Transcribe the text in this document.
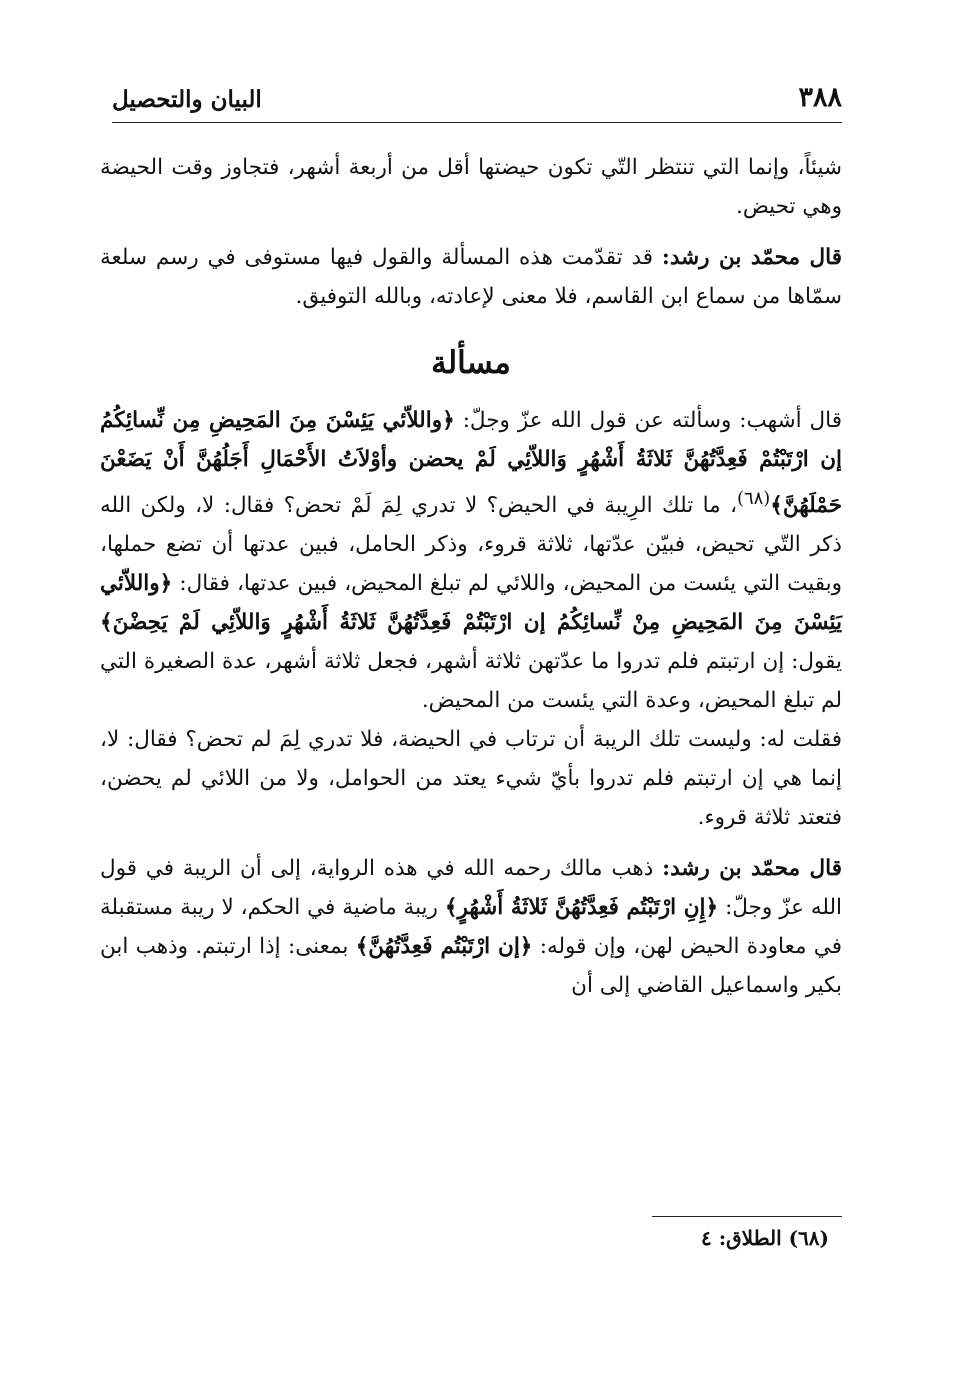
٣٨٨
البيان والتحصيل

شيئاً، وإنما التي تنتظر التّي تكون حيضتها أقل من أربعة أشهر، فتجاوز وقت الحيضة وهي تحيض.

قال محمّد بن رشد: قد تقدّمت هذه المسألة والقول فيها مستوفى في رسم سلعة سمّاها من سماع ابن القاسم، فلا معنى لإعادته، وبالله التوفيق.

مسألة

قال أشهب: وسألته عن قول الله عزّ وجلّ: ﴿واللاّئي يَئِسْنَ مِنَ المَحِيضِ مِن نِّسائِكُمُ إن ارْتَبْتُمْ فَعِدَّتُهُنَّ ثَلاثَةُ أَشْهُرٍ وَاللاّئِي لَمْ يحضن وأوْلاَتُ الأَحْمَالِ أَجَلُهُنَّ أَنْ يَضَعْنَ حَمْلَهُنَّ﴾$^{(٦٨)}$، ما تلك الرِيبة في الحيض؟ لا تدري لِمَ لَمْ تحض؟ فقال: لا، ولكن الله ذكر التّي تحيض، فبيّن عدّتها، ثلاثة قروء، وذكر الحامل، فبين عدتها أن تضع حملها، وبقيت التي يئست من المحيض، واللائي لم تبلغ المحيض، فبين عدتها، فقال: ﴿واللاّئي يَئِسْنَ مِنَ المَحِيضِ مِنْ نِّسائِكُمُ إن ارْتَبْتُمْ فَعِدَّتُهُنَّ ثَلاثَةُ أَشْهُرٍ وَاللاّئِي لَمْ يَحِضْنَ﴾ يقول: إن ارتبتم فلم تدروا ما عدّتهن ثلاثة أشهر، فجعل ثلاثة أشهر، عدة الصغيرة التي لم تبلغ المحيض، وعدة التي يئست من المحيض.

فقلت له: وليست تلك الريبة أن ترتاب في الحيضة، فلا تدري لِمَ لم تحض؟ فقال: لا، إنما هي إن ارتبتم فلم تدروا بأيّ شيء يعتد من الحوامل، ولا من اللائي لم يحضن، فتعتد ثلاثة قروء.

قال محمّد بن رشد: ذهب مالك رحمه الله في هذه الرواية، إلى أن الريبة في قول الله عزّ وجلّ: ﴿إِنِ ارْتَبْتُم فَعِدَّتُهُنَّ ثَلاثَةُ أَشْهُرٍ﴾ ريبة ماضية في الحكم، لا ريبة مستقبلة في معاودة الحيض لهن، وإن قوله: ﴿إن ارْتَبْتُم فَعِدَّتُهُنَّ﴾ بمعنى: إذا ارتبتم. وذهب ابن بكير واسماعيل القاضي إلى أن

(٦٨) الطلاق: ٤
